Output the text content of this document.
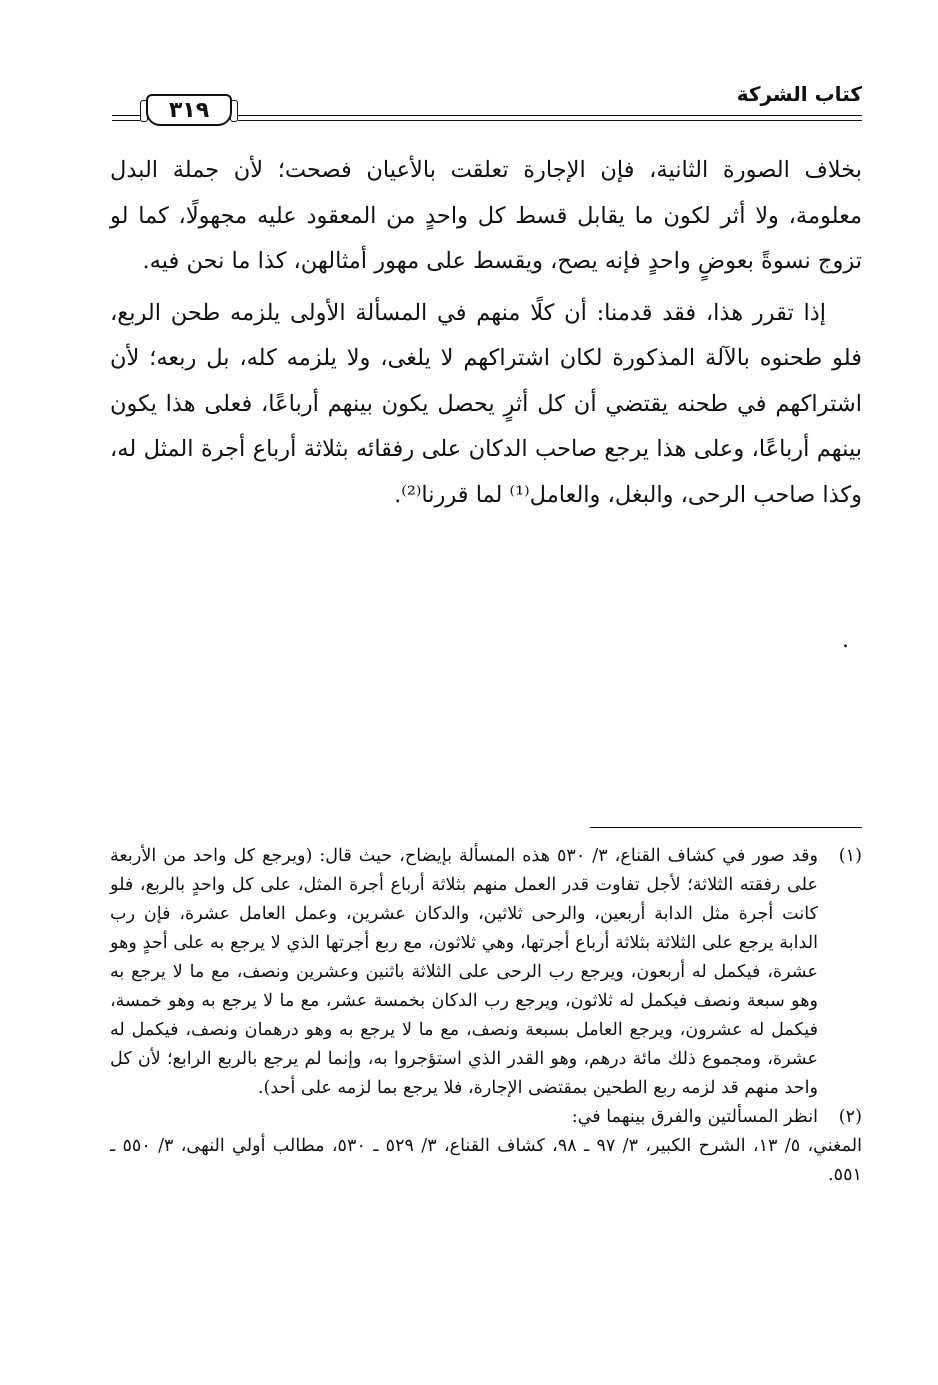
كتاب الشركة
٣١٩

بخلاف الصورة الثانية، فإن الإجارة تعلقت بالأعيان فصحت؛ لأن جملة البدل معلومة، ولا أثر لكون ما يقابل قسط كل واحدٍ من المعقود عليه مجهولًا، كما لو تزوج نسوةً بعوضٍ واحدٍ فإنه يصح، ويقسط على مهور أمثالهن، كذا ما نحن فيه.

إذا تقرر هذا، فقد قدمنا: أن كلًا منهم في المسألة الأولى يلزمه طحن الربع، فلو طحنوه بالآلة المذكورة لكان اشتراكهم لا يلغى، ولا يلزمه كله، بل ربعه؛ لأن اشتراكهم في طحنه يقتضي أن كل أثرٍ يحصل يكون بينهم أرباعًا، فعلى هذا يكون بينهم أرباعًا، وعلى هذا يرجع صاحب الدكان على رفقائه بثلاثة أرباع أجرة المثل له، وكذا صاحب الرحى، والبغل، والعامل⁽¹⁾ لما قررنا⁽²⁾.

.
(١)

وقد صور في كشاف القناع، ٣/ ٥٣٠ هذه المسألة بإيضاح، حيث قال: (ويرجع كل واحد من الأربعة على رفقته الثلاثة؛ لأجل تفاوت قدر العمل منهم بثلاثة أرباع أجرة المثل، على كل واحدٍ بالربع، فلو كانت أجرة مثل الدابة أربعين، والرحى ثلاثين، والدكان عشرين، وعمل العامل عشرة، فإن رب الدابة يرجع على الثلاثة بثلاثة أرباع أجرتها، وهي ثلاثون، مع ربع أجرتها الذي لا يرجع به على أحدٍ وهو عشرة، فيكمل له أربعون، ويرجع رب الرحى على الثلاثة باثنين وعشرين ونصف، مع ما لا يرجع به وهو سبعة ونصف فيكمل له ثلاثون، ويرجع رب الدكان بخمسة عشر، مع ما لا يرجع به وهو خمسة، فيكمل له عشرون، ويرجع العامل بسبعة ونصف، مع ما لا يرجع به وهو درهمان ونصف، فيكمل له عشرة، ومجموع ذلك مائة درهم، وهو القدر الذي استؤجروا به، وإنما لم يرجع بالربع الرابع؛ لأن كل واحد منهم قد لزمه ربع الطحين بمقتضى الإجارة، فلا يرجع بما لزمه على أحد).

(٢)

انظر المسألتين والفرق بينهما في:

المغني، ٥/ ١٣، الشرح الكبير، ٣/ ٩٧ ـ ٩٨، كشاف القناع، ٣/ ٥٢٩ ـ ٥٣٠، مطالب أولي النهى، ٣/ ٥٥٠ ـ ٥٥١.
